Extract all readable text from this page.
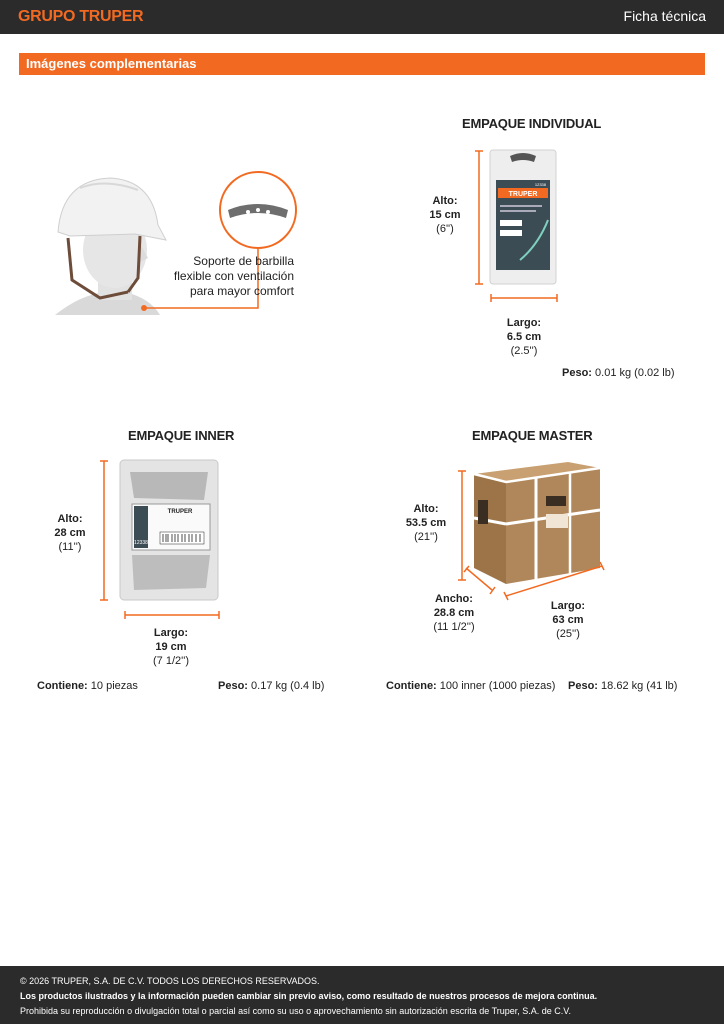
GRUPO TRUPER	Ficha técnica
Imágenes complementarias
Soporte de barbilla
flexible con ventilación
para mayor comfort
EMPAQUE INDIVIDUAL
TRUPER
12338
Alto:
15 cm
(6'')
Largo:
6.5 cm
(2.5'')
Peso: 0.01 kg (0.02 lb)
EMPAQUE INNER
TRUPER
12338
Alto:
28 cm
(11'')
Largo:
19 cm
(7 1/2'')
Contiene: 10 piezas	Peso: 0.17 kg (0.4 lb)
EMPAQUE MASTER
Alto:
53.5 cm
(21'')
Ancho:
28.8 cm
(11 1/2'')
Largo:
63 cm
(25'')
Contiene: 100 inner (1000 piezas) Peso: 18.62 kg (41 lb)
© 2026 TRUPER, S.A. DE C.V. TODOS LOS DERECHOS RESERVADOS.
Los productos ilustrados y la información pueden cambiar sin previo aviso, como resultado de nuestros procesos de mejora continua.
Prohibida su reproducción o divulgación total o parcial así como su uso o aprovechamiento sin autorización escrita de Truper, S.A. de C.V.
